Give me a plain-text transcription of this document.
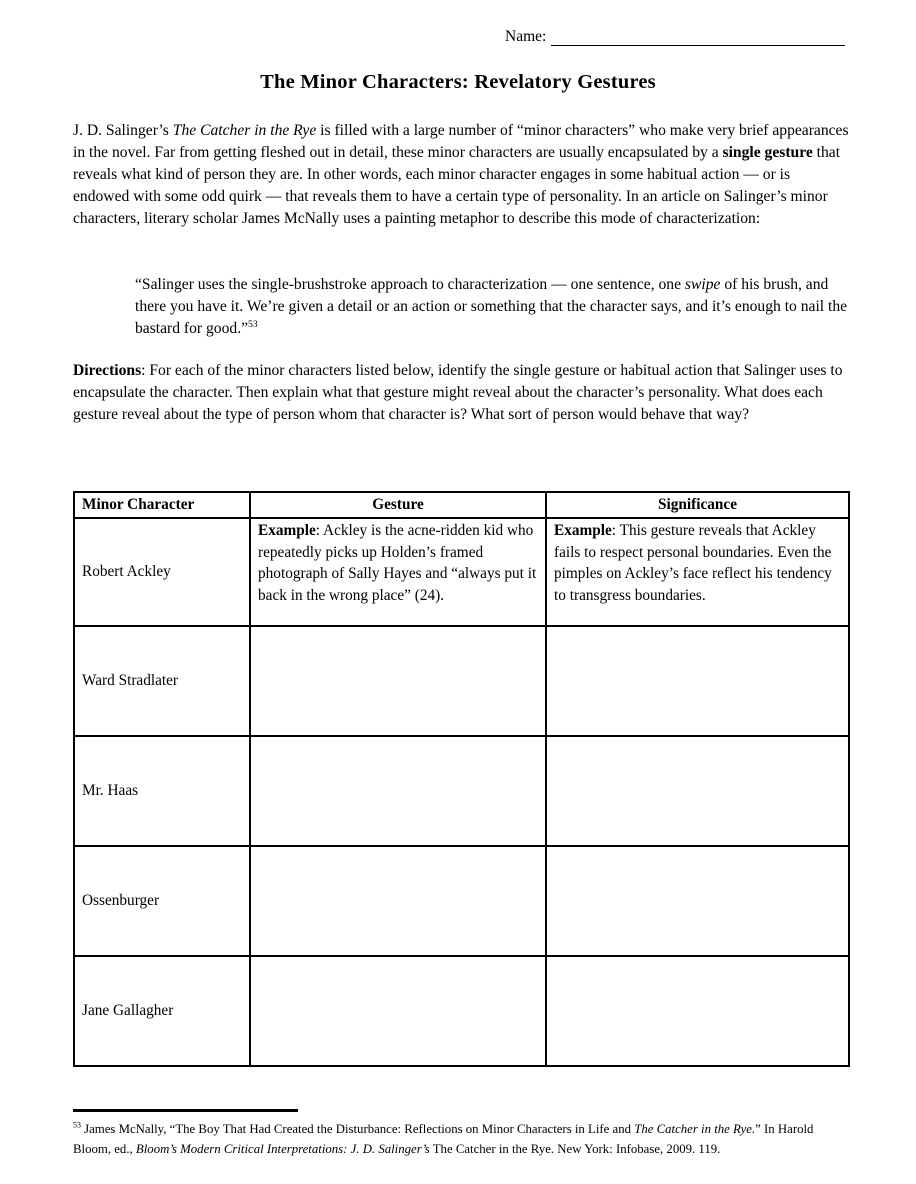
Name:
The Minor Characters: Revelatory Gestures
J. D. Salinger’s The Catcher in the Rye is filled with a large number of “minor characters” who make very brief appearances in the novel. Far from getting fleshed out in detail, these minor characters are usually encapsulated by a single gesture that reveals what kind of person they are. In other words, each minor character engages in some habitual action — or is endowed with some odd quirk — that reveals them to have a certain type of personality. In an article on Salinger’s minor characters, literary scholar James McNally uses a painting metaphor to describe this mode of characterization:
“Salinger uses the single-brushstroke approach to characterization — one sentence, one swipe of his brush, and there you have it. We’re given a detail or an action or something that the character says, and it’s enough to nail the bastard for good.”$^{53}$
Directions: For each of the minor characters listed below, identify the single gesture or habitual action that Salinger uses to encapsulate the character. Then explain what that gesture might reveal about the character’s personality. What does each gesture reveal about the type of person whom that character is? What sort of person would behave that way?
Minor Character	Gesture	Significance
Robert Ackley	Example: Ackley is the acne-ridden kid who repeatedly picks up Holden’s framed photograph of Sally Hayes and “always put it back in the wrong place” (24).	Example: This gesture reveals that Ackley fails to respect personal boundaries. Even the pimples on Ackley’s face reflect his tendency to transgress boundaries.
Ward Stradlater		
Mr. Haas		
Ossenburger		
Jane Gallagher		
$^{53}$ James McNally, “The Boy That Had Created the Disturbance: Reflections on Minor Characters in Life and The Catcher in the Rye.” In Harold Bloom, ed., Bloom’s Modern Critical Interpretations: J. D. Salinger’s The Catcher in the Rye. New York: Infobase, 2009. 119.
